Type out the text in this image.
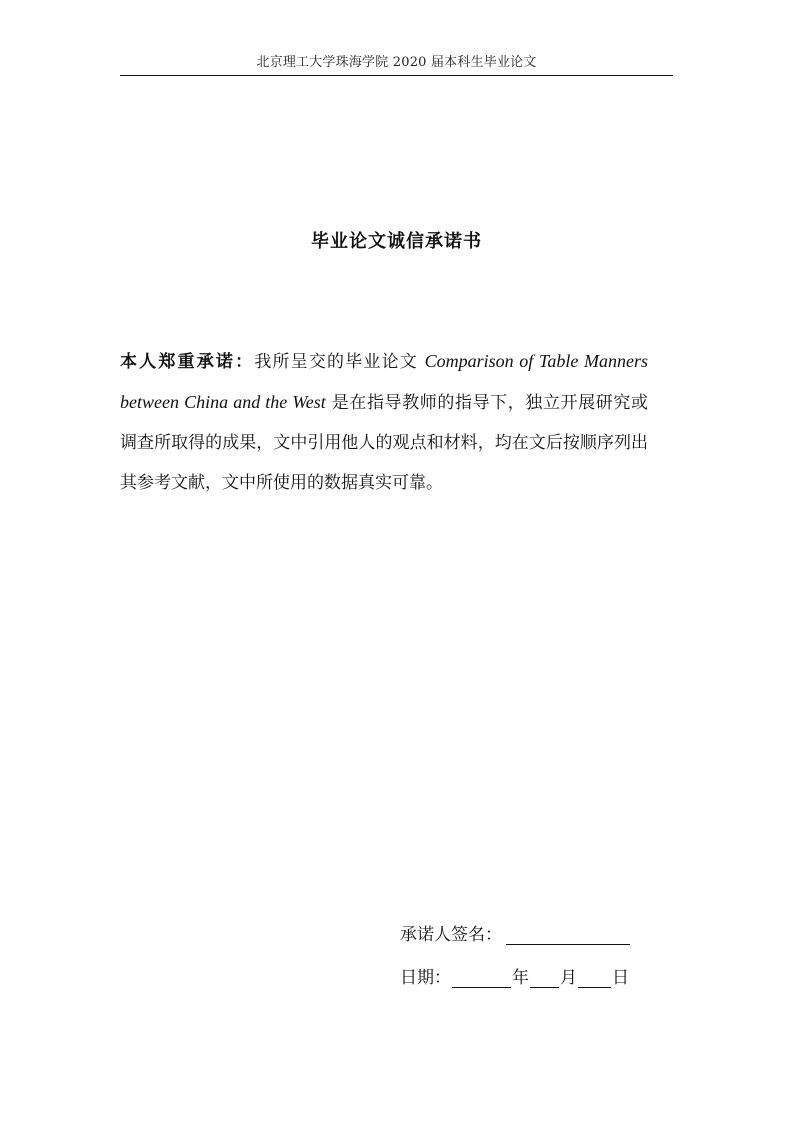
北京理工大学珠海学院 2020 届本科生毕业论文
毕业论文诚信承诺书
本人郑重承诺：我所呈交的毕业论文 Comparison of Table Manners between China and the West 是在指导教师的指导下，独立开展研究或调查所取得的成果，文中引用他人的观点和材料，均在文后按顺序列出其参考文献，文中所使用的数据真实可靠。
承诺人签名：
日期：	年 月 日
